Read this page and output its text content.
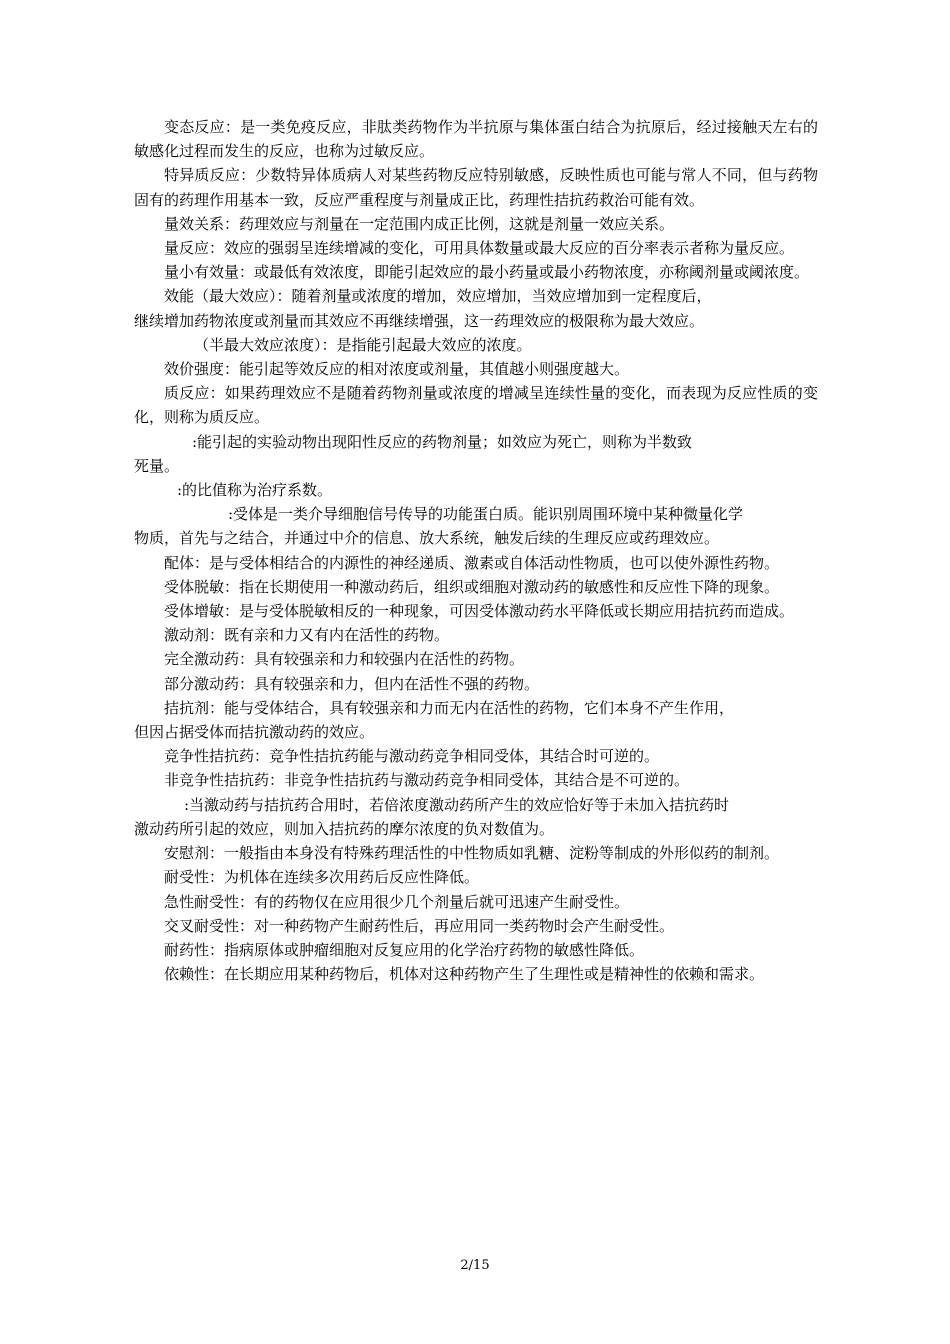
变态反应：是一类免疫反应，非肽类药物作为半抗原与集体蛋白结合为抗原后，经过接触天左右的敏感化过程而发生的反应，也称为过敏反应。

特异质反应：少数特异体质病人对某些药物反应特别敏感，反映性质也可能与常人不同，但与药物固有的药理作用基本一致，反应严重程度与剂量成正比，药理性拮抗药救治可能有效。

量效关系：药理效应与剂量在一定范围内成正比例，这就是剂量一效应关系。

量反应：效应的强弱呈连续增减的变化，可用具体数量或最大反应的百分率表示者称为量反应。

量小有效量：或最低有效浓度，即能引起效应的最小药量或最小药物浓度，亦称阈剂量或阈浓度。

效能（最大效应）：随着剂量或浓度的增加，效应增加，当效应增加到一定程度后，
继续增加药物浓度或剂量而其效应不再继续增强，这一药理效应的极限称为最大效应。
（半最大效应浓度）：是指能引起最大效应的浓度。

效价强度：能引起等效反应的相对浓度或剂量，其值越小则强度越大。

质反应：如果药理效应不是随着药物剂量或浓度的增减呈连续性量的变化，而表现为反应性质的变化，则称为质反应。

:能引起的实验动物出现阳性反应的药物剂量；如效应为死亡，则称为半数致
死量。
:的比值称为治疗系数。
:受体是一类介导细胞信号传导的功能蛋白质。能识别周围环境中某种微量化学
物质，首先与之结合，并通过中介的信息、放大系统，触发后续的生理反应或药理效应。

配体：是与受体相结合的内源性的神经递质、激素或自体活动性物质，也可以使外源性药物。

受体脱敏：指在长期使用一种激动药后，组织或细胞对激动药的敏感性和反应性下降的现象。

受体增敏：是与受体脱敏相反的一种现象，可因受体激动药水平降低或长期应用拮抗药而造成。

激动剂：既有亲和力又有内在活性的药物。

完全激动药：具有较强亲和力和较强内在活性的药物。

部分激动药：具有较强亲和力，但内在活性不强的药物。

拮抗剂：能与受体结合，具有较强亲和力而无内在活性的药物，它们本身不产生作用，
但因占据受体而拮抗激动药的效应。

竞争性拮抗药：竞争性拮抗药能与激动药竞争相同受体，其结合时可逆的。

非竞争性拮抗药：非竞争性拮抗药与激动药竞争相同受体，其结合是不可逆的。

:当激动药与拮抗药合用时，若倍浓度激动药所产生的效应恰好等于未加入拮抗药时
激动药所引起的效应，则加入拮抗药的摩尔浓度的负对数值为。

安慰剂：一般指由本身没有特殊药理活性的中性物质如乳糖、淀粉等制成的外形似药的制剂。

耐受性：为机体在连续多次用药后反应性降低。

急性耐受性：有的药物仅在应用很少几个剂量后就可迅速产生耐受性。

交叉耐受性：对一种药物产生耐药性后，再应用同一类药物时会产生耐受性。

耐药性：指病原体或肿瘤细胞对反复应用的化学治疗药物的敏感性降低。

依赖性：在长期应用某种药物后，机体对这种药物产生了生理性或是精神性的依赖和需求。

2/15
